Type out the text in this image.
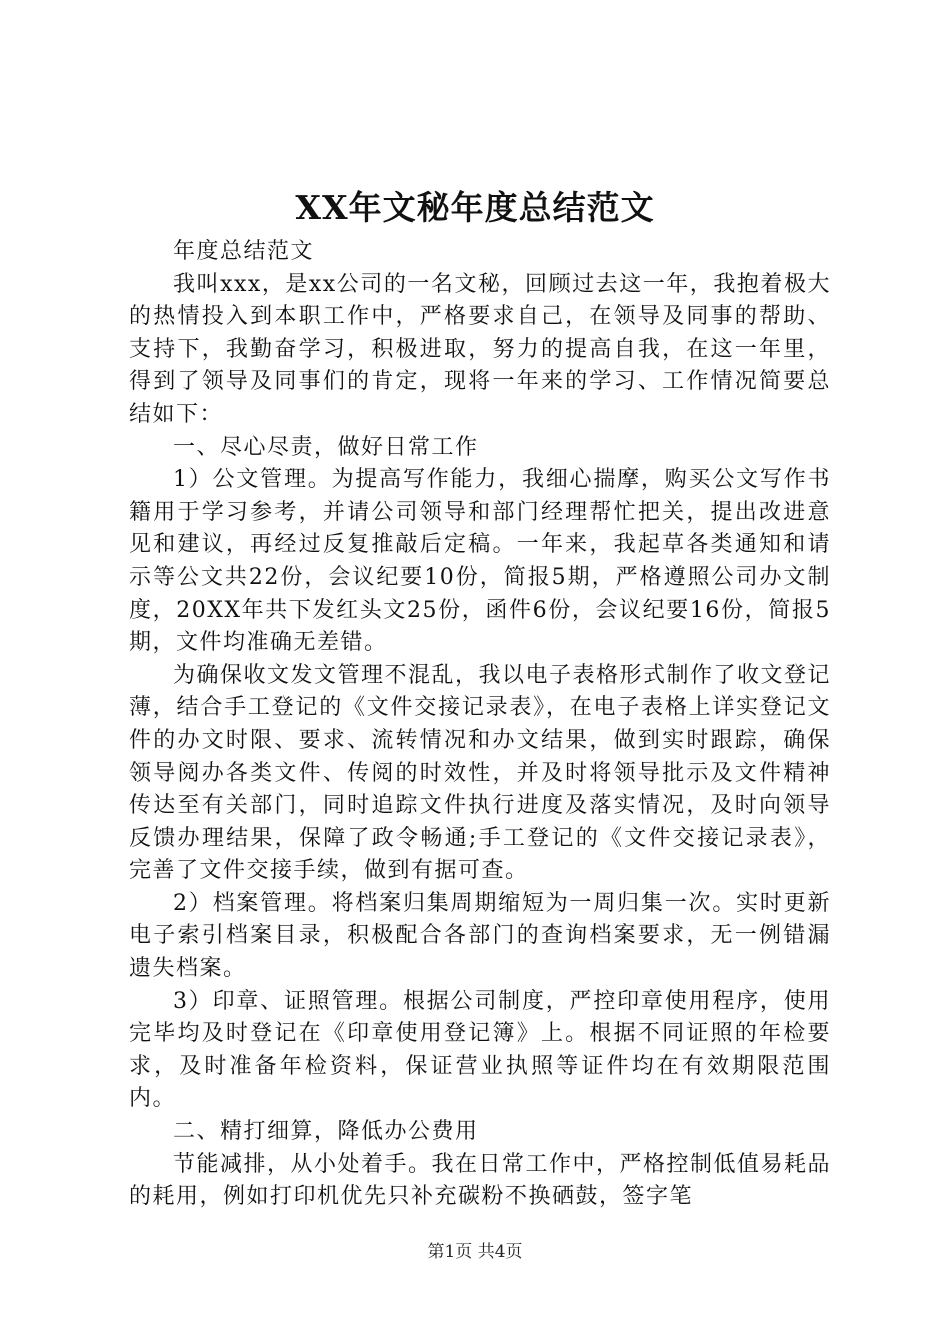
XX年文秘年度总结范文

年度总结范文

我叫xxx，是xx公司的一名文秘，回顾过去这一年，我抱着极大的热情投入到本职工作中，严格要求自己，在领导及同事的帮助、支持下，我勤奋学习，积极进取，努力的提高自我，在这一年里，得到了领导及同事们的肯定，现将一年来的学习、工作情况简要总结如下：

一、尽心尽责，做好日常工作

1）公文管理。为提高写作能力，我细心揣摩，购买公文写作书籍用于学习参考，并请公司领导和部门经理帮忙把关，提出改进意见和建议，再经过反复推敲后定稿。一年来，我起草各类通知和请示等公文共22份，会议纪要10份，简报5期，严格遵照公司办文制度，20XX年共下发红头文25份，函件6份，会议纪要16份，简报5期，文件均准确无差错。

为确保收文发文管理不混乱，我以电子表格形式制作了收文登记薄，结合手工登记的《文件交接记录表》，在电子表格上详实登记文件的办文时限、要求、流转情况和办文结果，做到实时跟踪，确保领导阅办各类文件、传阅的时效性，并及时将领导批示及文件精神传达至有关部门，同时追踪文件执行进度及落实情况，及时向领导反馈办理结果，保障了政令畅通;手工登记的《文件交接记录表》，完善了文件交接手续，做到有据可查。

2）档案管理。将档案归集周期缩短为一周归集一次。实时更新电子索引档案目录，积极配合各部门的查询档案要求，无一例错漏遗失档案。

3）印章、证照管理。根据公司制度，严控印章使用程序，使用完毕均及时登记在《印章使用登记簿》上。根据不同证照的年检要求，及时准备年检资料，保证营业执照等证件均在有效期限范围内。

二、精打细算，降低办公费用

节能减排，从小处着手。我在日常工作中，严格控制低值易耗品的耗用，例如打印机优先只补充碳粉不换硒鼓，签字笔

第1页 共4页
